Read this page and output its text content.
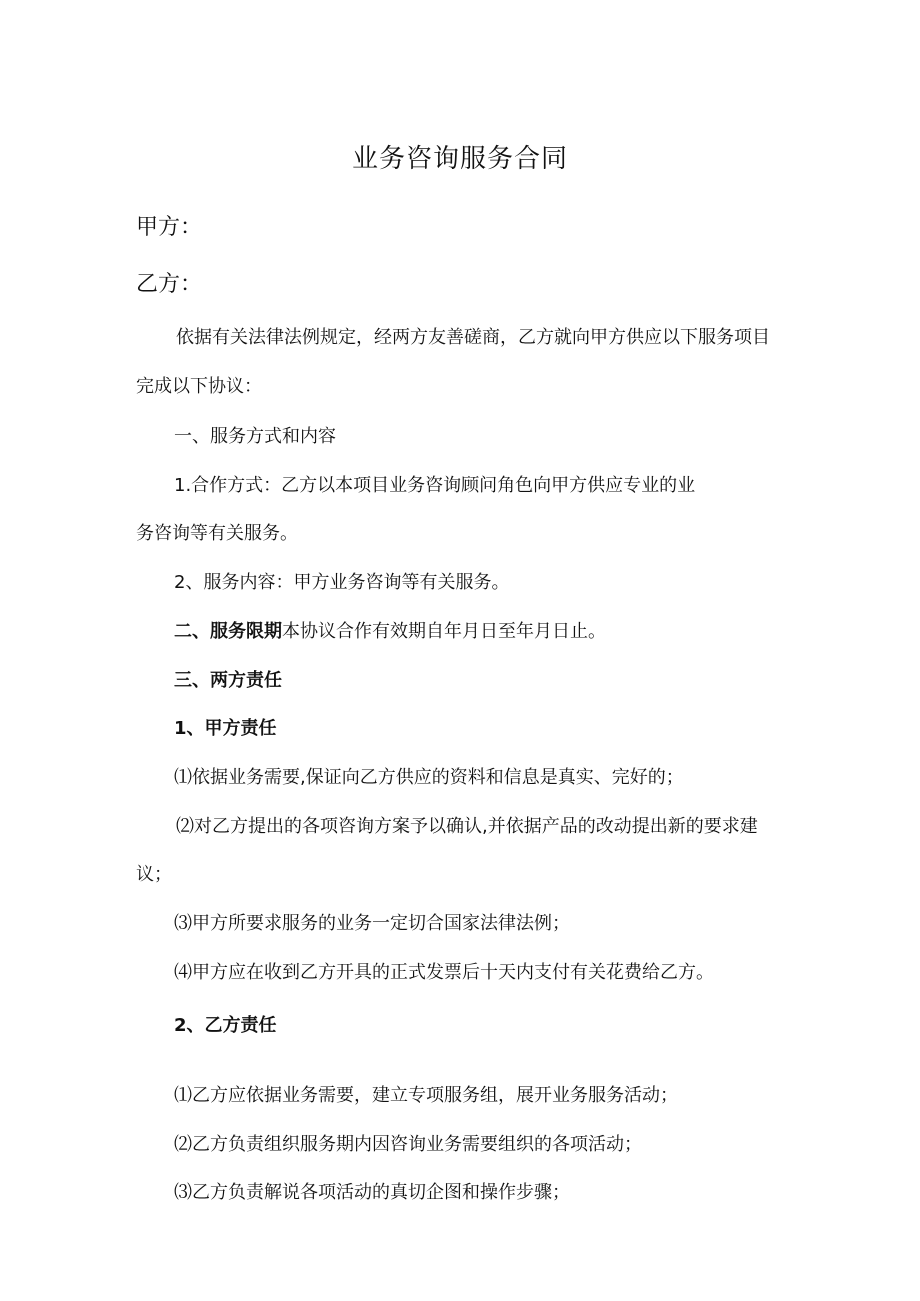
业务咨询服务合同
甲方：
乙方：
依据有关法律法例规定，经两方友善磋商，乙方就向甲方供应以下服务项目
完成以下协议：
一、服务方式和内容
1.合作方式：乙方以本项目业务咨询顾问角色向甲方供应专业的业
务咨询等有关服务。
2、服务内容：甲方业务咨询等有关服务。
二、服务限期本协议合作有效期自年月日至年月日止。
三、两方责任
1、甲方责任
⑴依据业务需要,保证向乙方供应的资料和信息是真实、完好的；
⑵对乙方提出的各项咨询方案予以确认,并依据产品的改动提出新的要求建
议；
⑶甲方所要求服务的业务一定切合国家法律法例；
⑷甲方应在收到乙方开具的正式发票后十天内支付有关花费给乙方。
2、乙方责任
⑴乙方应依据业务需要，建立专项服务组，展开业务服务活动；
⑵乙方负责组织服务期内因咨询业务需要组织的各项活动；
⑶乙方负责解说各项活动的真切企图和操作步骤；
